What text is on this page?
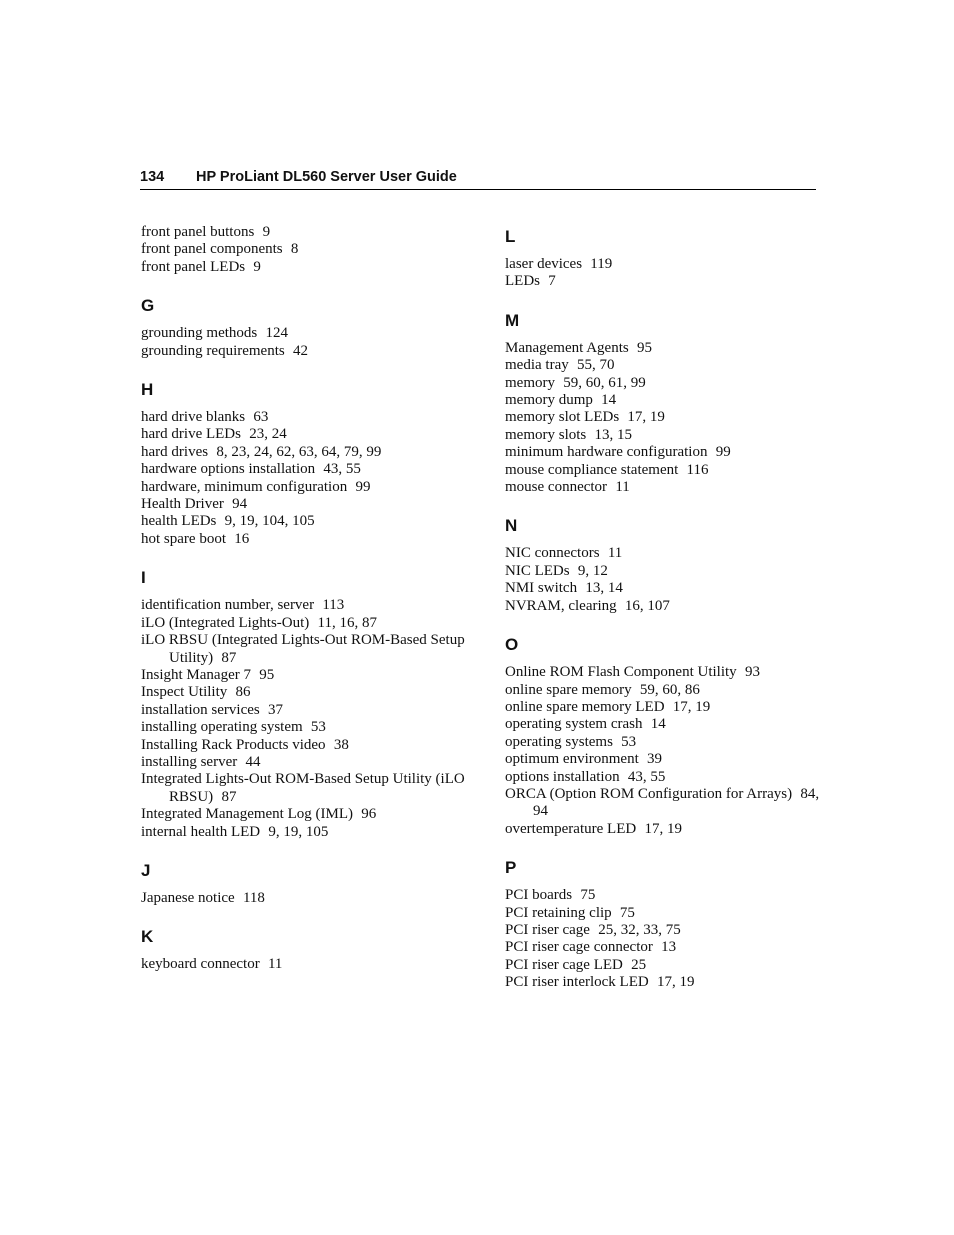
134 HP ProLiant DL560 Server User Guide
front panel buttons 9
front panel components 8
front panel LEDs 9
G
grounding methods 124
grounding requirements 42
H
hard drive blanks 63
hard drive LEDs 23, 24
hard drives 8, 23, 24, 62, 63, 64, 79, 99
hardware options installation 43, 55
hardware, minimum configuration 99
Health Driver 94
health LEDs 9, 19, 104, 105
hot spare boot 16
I
identification number, server 113
iLO (Integrated Lights-Out) 11, 16, 87
iLO RBSU (Integrated Lights-Out ROM-Based Setup Utility) 87
Insight Manager 7 95
Inspect Utility 86
installation services 37
installing operating system 53
Installing Rack Products video 38
installing server 44
Integrated Lights-Out ROM-Based Setup Utility (iLO RBSU) 87
Integrated Management Log (IML) 96
internal health LED 9, 19, 105
J
Japanese notice 118
K
keyboard connector 11
L
laser devices 119
LEDs 7
M
Management Agents 95
media tray 55, 70
memory 59, 60, 61, 99
memory dump 14
memory slot LEDs 17, 19
memory slots 13, 15
minimum hardware configuration 99
mouse compliance statement 116
mouse connector 11
N
NIC connectors 11
NIC LEDs 9, 12
NMI switch 13, 14
NVRAM, clearing 16, 107
O
Online ROM Flash Component Utility 93
online spare memory 59, 60, 86
online spare memory LED 17, 19
operating system crash 14
operating systems 53
optimum environment 39
options installation 43, 55
ORCA (Option ROM Configuration for Arrays) 84, 94
overtemperature LED 17, 19
P
PCI boards 75
PCI retaining clip 75
PCI riser cage 25, 32, 33, 75
PCI riser cage connector 13
PCI riser cage LED 25
PCI riser interlock LED 17, 19
